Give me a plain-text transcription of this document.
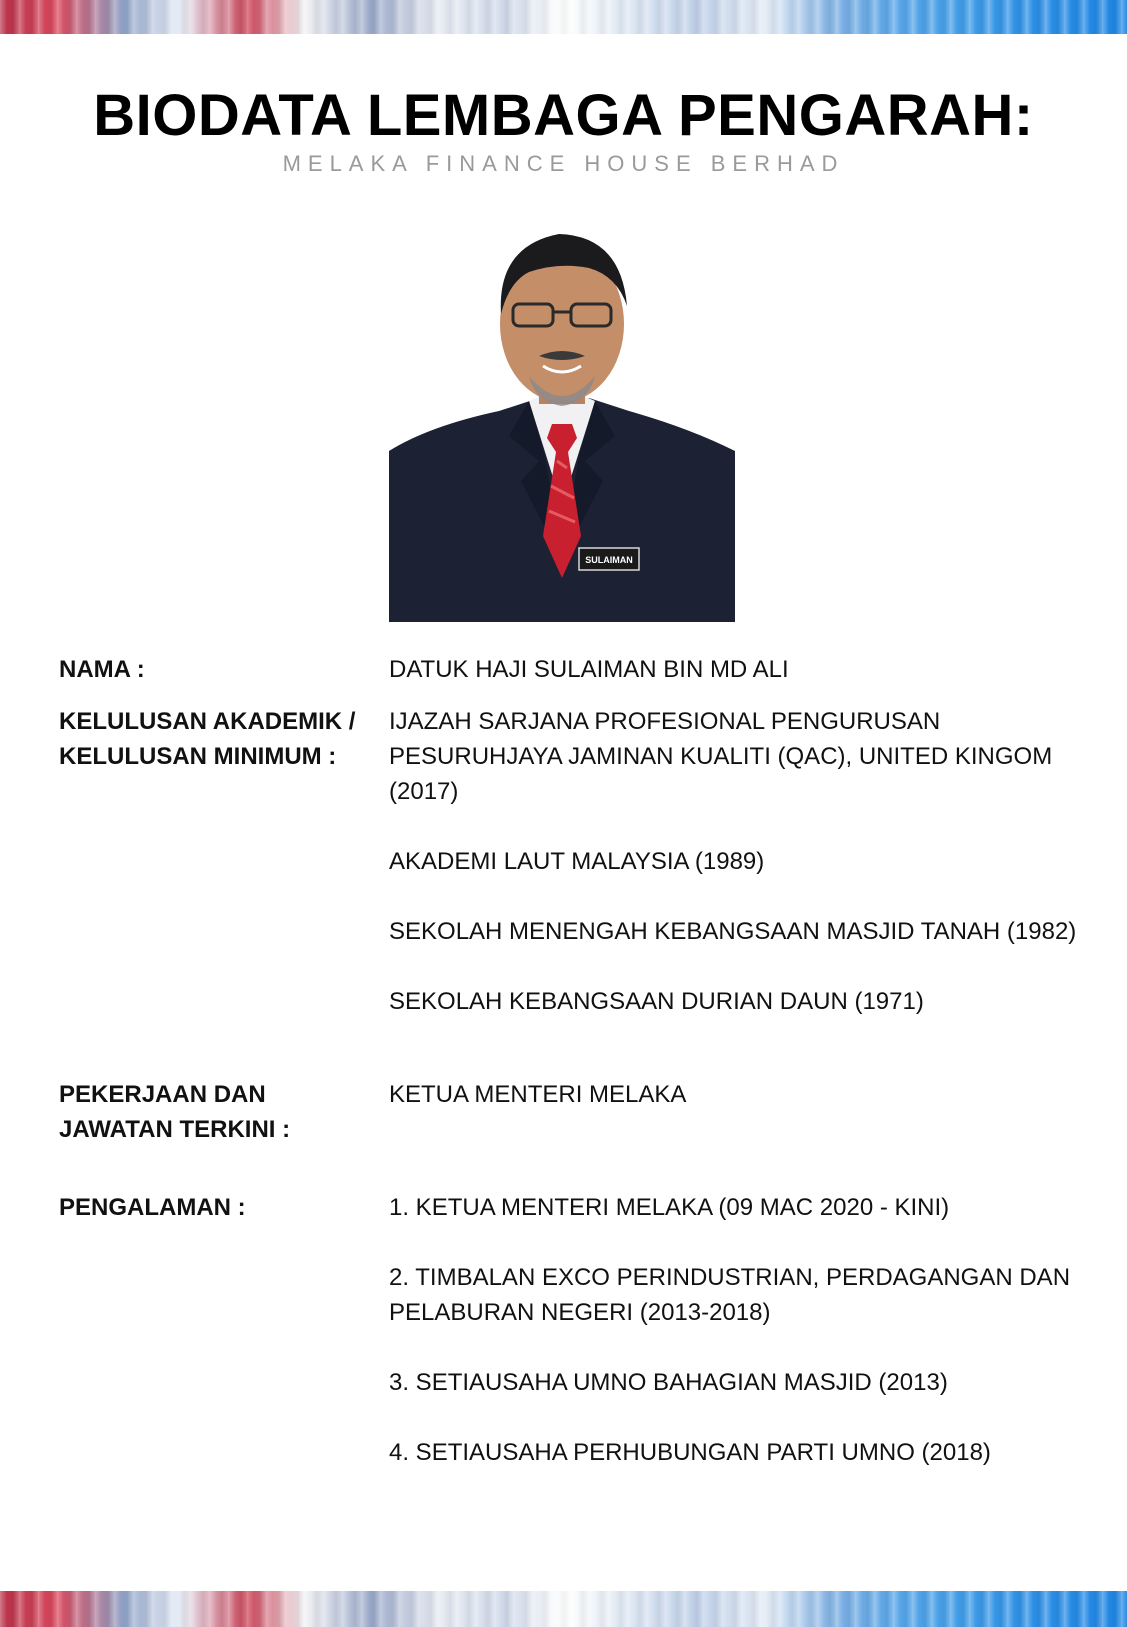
BIODATA LEMBAGA PENGARAH:
MELAKA FINANCE HOUSE BERHAD
SULAIMAN
NAMA :	DATUK HAJI SULAIMAN BIN MD ALI
KELULUSAN AKADEMIK /
KELULUSAN MINIMUM :

IJAZAH SARJANA PROFESIONAL PENGURUSAN PESURUHJAYA JAMINAN KUALITI (QAC), UNITED KINGOM (2017)

AKADEMI LAUT MALAYSIA (1989)

SEKOLAH MENENGAH KEBANGSAAN MASJID TANAH (1982)

SEKOLAH KEBANGSAAN DURIAN DAUN (1971)

PEKERJAAN DAN
JAWATAN TERKINI :
KETUA MENTERI MELAKA
PENGALAMAN :	1. KETUA MENTERI MELAKA (09 MAC 2020 - KINI)

2. TIMBALAN EXCO PERINDUSTRIAN, PERDAGANGAN DAN PELABURAN NEGERI (2013-2018)

3. SETIAUSAHA UMNO BAHAGIAN MASJID (2013)

4. SETIAUSAHA PERHUBUNGAN PARTI UMNO (2018)
